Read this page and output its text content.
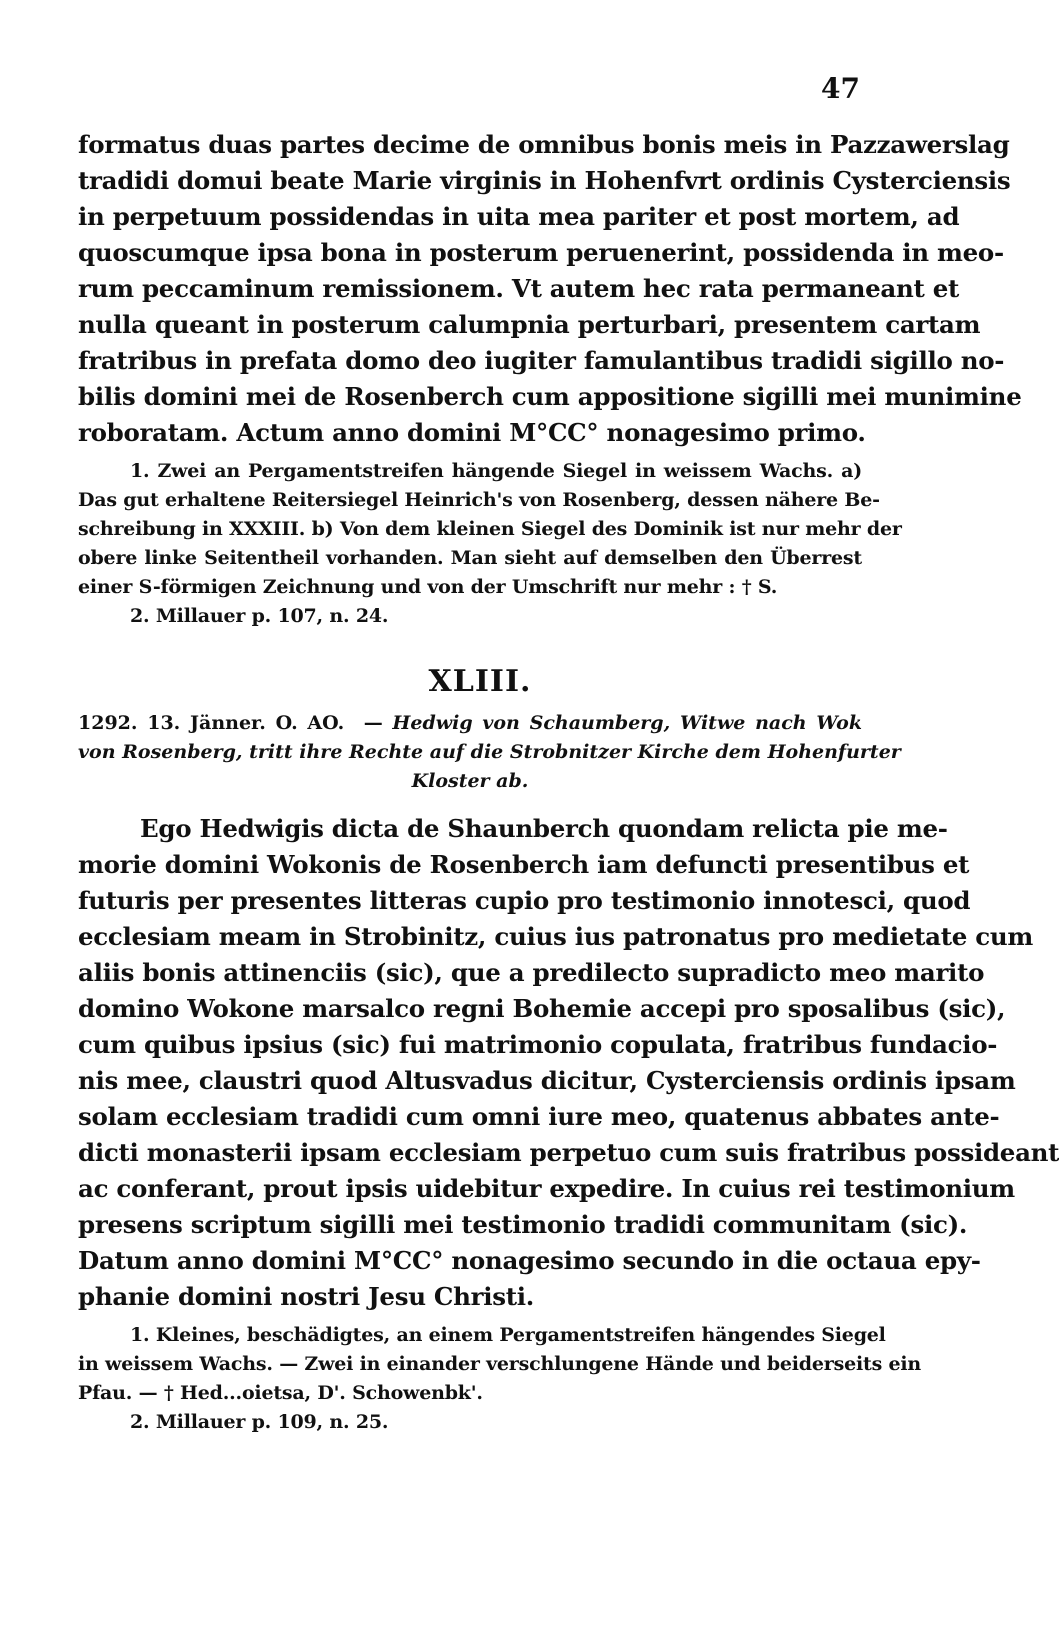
47
formatus duas partes decime de omnibus bonis meis in Pazzawerslag
tradidi domui beate Marie virginis in Hohenfvrt ordinis Cysterciensis
in perpetuum possidendas in uita mea pariter et post mortem, ad
quoscumque ipsa bona in posterum peruenerint, possidenda in meo-
rum peccaminum remissionem. Vt autem hec rata permaneant et
nulla queant in posterum calumpnia perturbari, presentem cartam
fratribus in prefata domo deo iugiter famulantibus tradidi sigillo no-
bilis domini mei de Rosenberch cum appositione sigilli mei munimine
roboratam. Actum anno domini M°CC° nonagesimo primo.
1. Zwei an Pergamentstreifen hängende Siegel in weissem Wachs. a)
Das gut erhaltene Reitersiegel Heinrich's von Rosenberg, dessen nähere Be-
schreibung in XXXIII. b) Von dem kleinen Siegel des Dominik ist nur mehr der
obere linke Seitentheil vorhanden. Man sieht auf demselben den Überrest
einer S-förmigen Zeichnung und von der Umschrift nur mehr : † S.
2. Millauer p. 107, n. 24.
XLIII.
1292. 13. Jänner. O. AO. — Hedwig von Schaumberg, Witwe nach Wok
von Rosenberg, tritt ihre Rechte auf die Strobnitzer Kirche dem Hohenfurter
Kloster ab.
Ego Hedwigis dicta de Shaunberch quondam relicta pie me-
morie domini Wokonis de Rosenberch iam defuncti presentibus et
futuris per presentes litteras cupio pro testimonio innotesci, quod
ecclesiam meam in Strobinitz, cuius ius patronatus pro medietate cum
aliis bonis attinenciis (sic), que a predilecto supradicto meo marito
domino Wokone marsalco regni Bohemie accepi pro sposalibus (sic),
cum quibus ipsius (sic) fui matrimonio copulata, fratribus fundacio-
nis mee, claustri quod Altusvadus dicitur, Cysterciensis ordinis ipsam
solam ecclesiam tradidi cum omni iure meo, quatenus abbates ante-
dicti monasterii ipsam ecclesiam perpetuo cum suis fratribus possideant
ac conferant, prout ipsis uidebitur expedire. In cuius rei testimonium
presens scriptum sigilli mei testimonio tradidi communitam (sic).
Datum anno domini M°CC° nonagesimo secundo in die octaua epy-
phanie domini nostri Jesu Christi.
1. Kleines, beschädigtes, an einem Pergamentstreifen hängendes Siegel
in weissem Wachs. — Zwei in einander verschlungene Hände und beiderseits ein
Pfau. — † Hed...oietsa, D'. Schowenbk'.
2. Millauer p. 109, n. 25.
